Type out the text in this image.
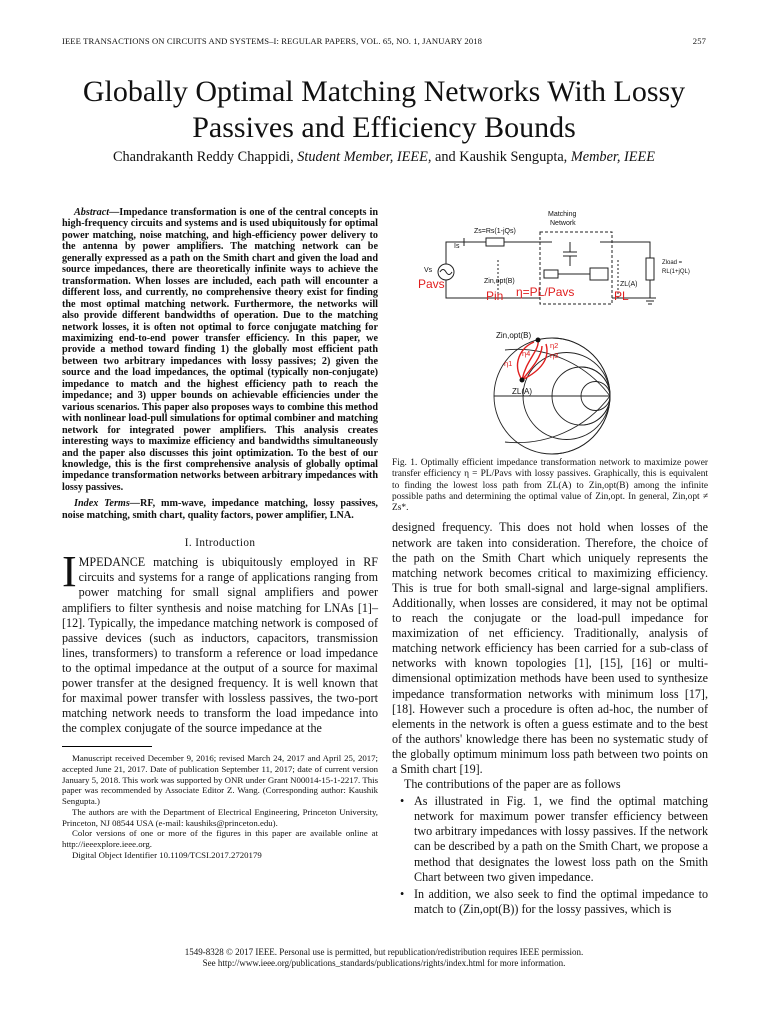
IEEE TRANSACTIONS ON CIRCUITS AND SYSTEMS–I: REGULAR PAPERS, VOL. 65, NO. 1, JANUARY 2018	257
Globally Optimal Matching Networks With Lossy
Passives and Efficiency Bounds
Chandrakanth Reddy Chappidi, Student Member, IEEE, and Kaushik Sengupta, Member, IEEE

Abstract—Impedance transformation is one of the central concepts in high-frequency circuits and systems and is used ubiquitously for optimal power matching, noise matching, and high-efficiency power delivery to the antenna by power amplifiers. The matching network can be generally expressed as a path on the Smith chart and given the load and source impedances, there are theoretically infinite ways to achieve the transformation. When losses are included, each path will encounter a different loss, and currently, no comprehensive theory exist for finding the most optimal matching network. Furthermore, the networks will also provide different bandwidths of operation. Due to the matching network losses, it is often not optimal to force conjugate matching for maximizing end-to-end power transfer efficiency. In this paper, we provide a method toward finding 1) the globally most efficient path between two arbitrary impedances with lossy passives; 2) given the source and the load impedances, the optimal (typically non-conjugate) impedance to match and the highest efficiency path to reach the impedance; and 3) upper bounds on achievable efficiencies under the various scenarios. This paper also proposes ways to combine this method with nonlinear load-pull simulations for optimal combiner and matching network for integrated power amplifiers. This analysis creates interesting ways to maximize efficiency and bandwidths simultaneously and the paper also discusses this joint optimization. To the best of our knowledge, this is the first comprehensive analysis of globally optimal impedance transformation networks between arbitrary impedances with lossy passives.

Index Terms—RF, mm-wave, impedance matching, lossy passives, noise matching, smith chart, quality factors, power amplifier, LNA.

I. Introduction

IMPEDANCE matching is ubiquitously employed in RF circuits and systems for a range of applications ranging from power matching for small signal amplifiers and power amplifiers to filter synthesis and noise matching for LNAs [1]–[12]. Typically, the impedance matching network is composed of passive devices (such as inductors, capacitors, transmission lines, transformers) to transform a reference or load impedance to the optimal impedance at the output of a source for maximal power transfer at the designed frequency. It is well known that for maximal power transfer with lossless passives, the two-port matching network needs to transform the load impedance into the complex conjugate of the source impedance at the

Manuscript received December 9, 2016; revised March 24, 2017 and April 25, 2017; accepted June 21, 2017. Date of publication September 11, 2017; date of current version January 5, 2018. This work was supported by ONR under Grant N00014-15-1-2217. This paper was recommended by Associate Editor Z. Wang. (Corresponding author: Kaushik Sengupta.)

The authors are with the Department of Electrical Engineering, Princeton University, Princeton, NJ 08544 USA (e-mail: kaushiks@princeton.edu).

Color versions of one or more of the figures in this paper are available online at http://ieeexplore.ieee.org.

Digital Object Identifier 10.1109/TCSI.2017.2720179

Matching
Network
Zs=Rs(1-jQs)
Is
Vs
Zin,opt(B)	ZL(A)
Zload =
RL(1+jQL)
Pavs
Pin η=PL/Pavs	PL
Zin,opt(B)
ZL(A)
η1
η2
η3
η4

Fig. 1. Optimally efficient impedance transformation network to maximize power transfer efficiency η = PL/Pavs with lossy passives. Graphically, this is equivalent to finding the lowest loss path from ZL(A) to Zin,opt(B) among the infinite possible paths and determining the optimal value of Zin,opt. In general, Zin,opt ≠ Zs*.

designed frequency. This does not hold when losses of the network are taken into consideration. Therefore, the choice of the path on the Smith Chart which uniquely represents the matching network becomes critical to maximizing efficiency. This is true for both small-signal and large-signal amplifiers. Additionally, when losses are considered, it may not be optimal to reach the conjugate or the load-pull impedance for maximization of net efficiency. Traditionally, analysis of matching network efficiency has been carried for a sub-class of networks with known topologies [1], [15], [16] or multi-dimensional optimization methods have been used to synthesize impedance transformation networks with minimum loss [17], [18]. However such a procedure is often ad-hoc, the number of elements in the network is often a guess estimate and to the best of the authors' knowledge there has been no systematic study of the globally optimum minimum loss path between two points on a Smith chart [19].

The contributions of the paper are as follows

• As illustrated in Fig. 1, we find the optimal matching network for maximum power transfer efficiency between two arbitrary impedances with lossy passives. If the network can be described by a path on the Smith Chart, we propose a method that designates the lowest loss path on the Smith Chart between two given impedance.
• In addition, we also seek to find the optimal impedance to match to (Zin,opt(B)) for the lossy passives, which is
1549-8328 © 2017 IEEE. Personal use is permitted, but republication/redistribution requires IEEE permission.
See http://www.ieee.org/publications_standards/publications/rights/index.html for more information.
